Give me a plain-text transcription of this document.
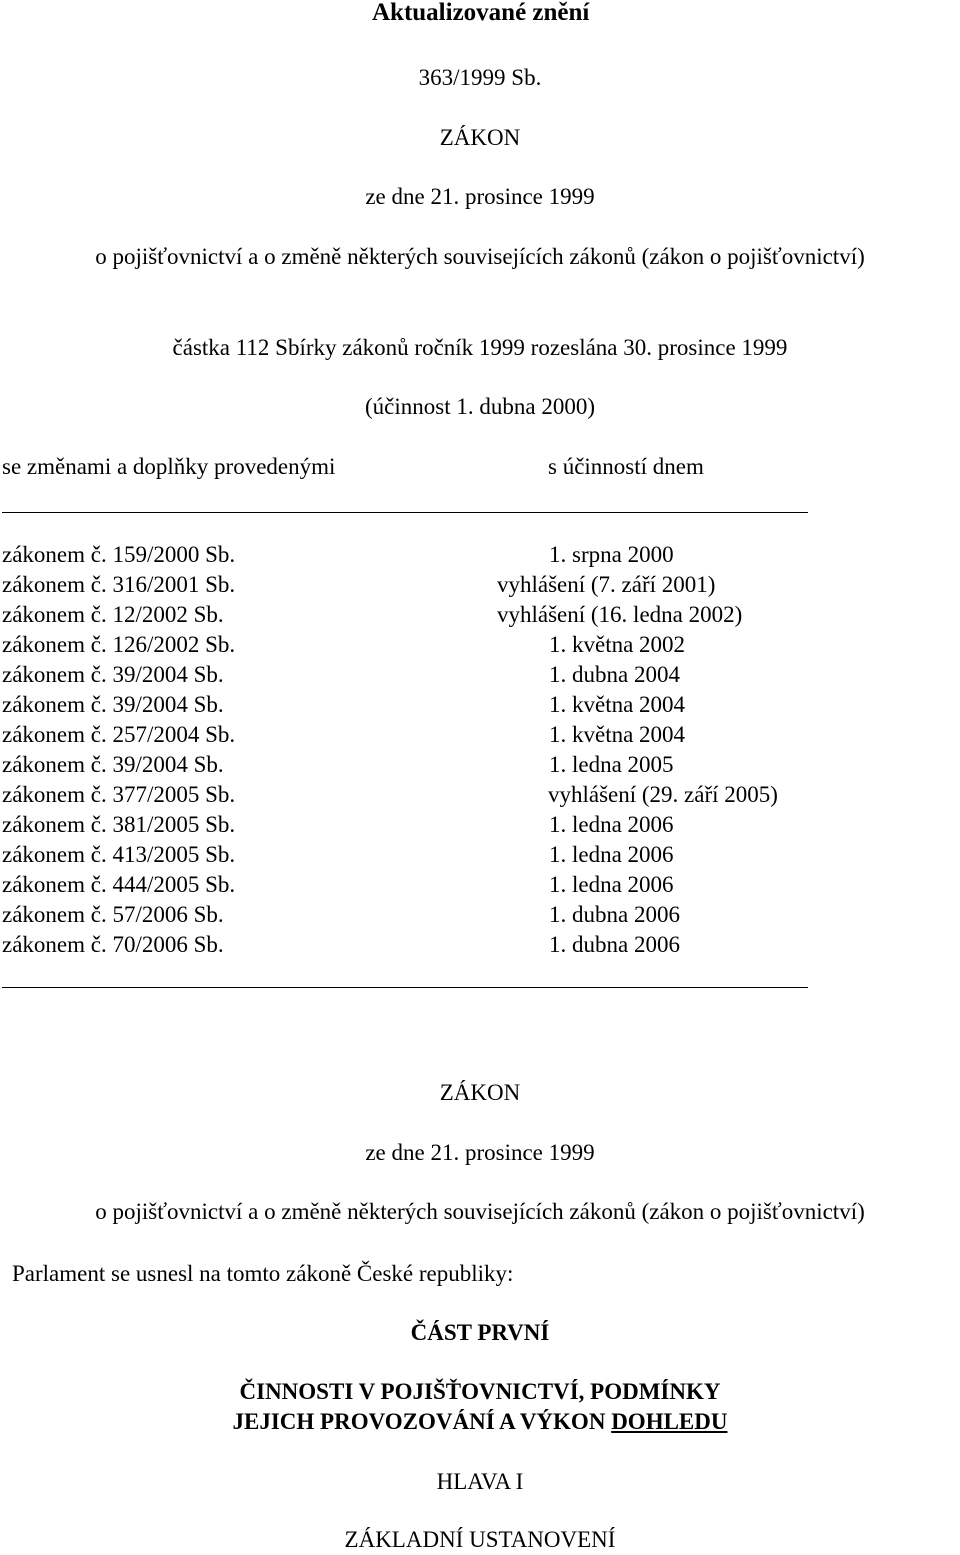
Aktualizované znění
363/1999 Sb.
ZÁKON
ze dne 21. prosince 1999
o pojišťovnictví a o změně některých souvisejících zákonů (zákon o pojišťovnictví)
částka 112 Sbírky zákonů ročník 1999 rozeslána 30. prosince 1999
(účinnost 1. dubna 2000)
se změnami a doplňky provedenými	s účinností dnem
zákonem č. 159/2000 Sb.	1. srpna 2000
zákonem č. 316/2001 Sb.	vyhlášení (7. září 2001)
zákonem č. 12/2002 Sb.	vyhlášení (16. ledna 2002)
zákonem č. 126/2002 Sb.	1. května 2002
zákonem č. 39/2004 Sb.	1. dubna 2004
zákonem č. 39/2004 Sb.	1. května 2004
zákonem č. 257/2004 Sb.	1. května 2004
zákonem č. 39/2004 Sb.	1. ledna 2005
zákonem č. 377/2005 Sb.	vyhlášení (29. září 2005)
zákonem č. 381/2005 Sb.	1. ledna 2006
zákonem č. 413/2005 Sb.	1. ledna 2006
zákonem č. 444/2005 Sb.	1. ledna 2006
zákonem č. 57/2006 Sb.	1. dubna 2006
zákonem č. 70/2006 Sb.	1. dubna 2006
ZÁKON
ze dne 21. prosince 1999
o pojišťovnictví a o změně některých souvisejících zákonů (zákon o pojišťovnictví)
Parlament se usnesl na tomto zákoně České republiky:
ČÁST PRVNÍ
ČINNOSTI V POJIŠŤOVNICTVÍ, PODMÍNKY
JEJICH PROVOZOVÁNÍ A VÝKON DOHLEDU
HLAVA I
ZÁKLADNÍ USTANOVENÍ
